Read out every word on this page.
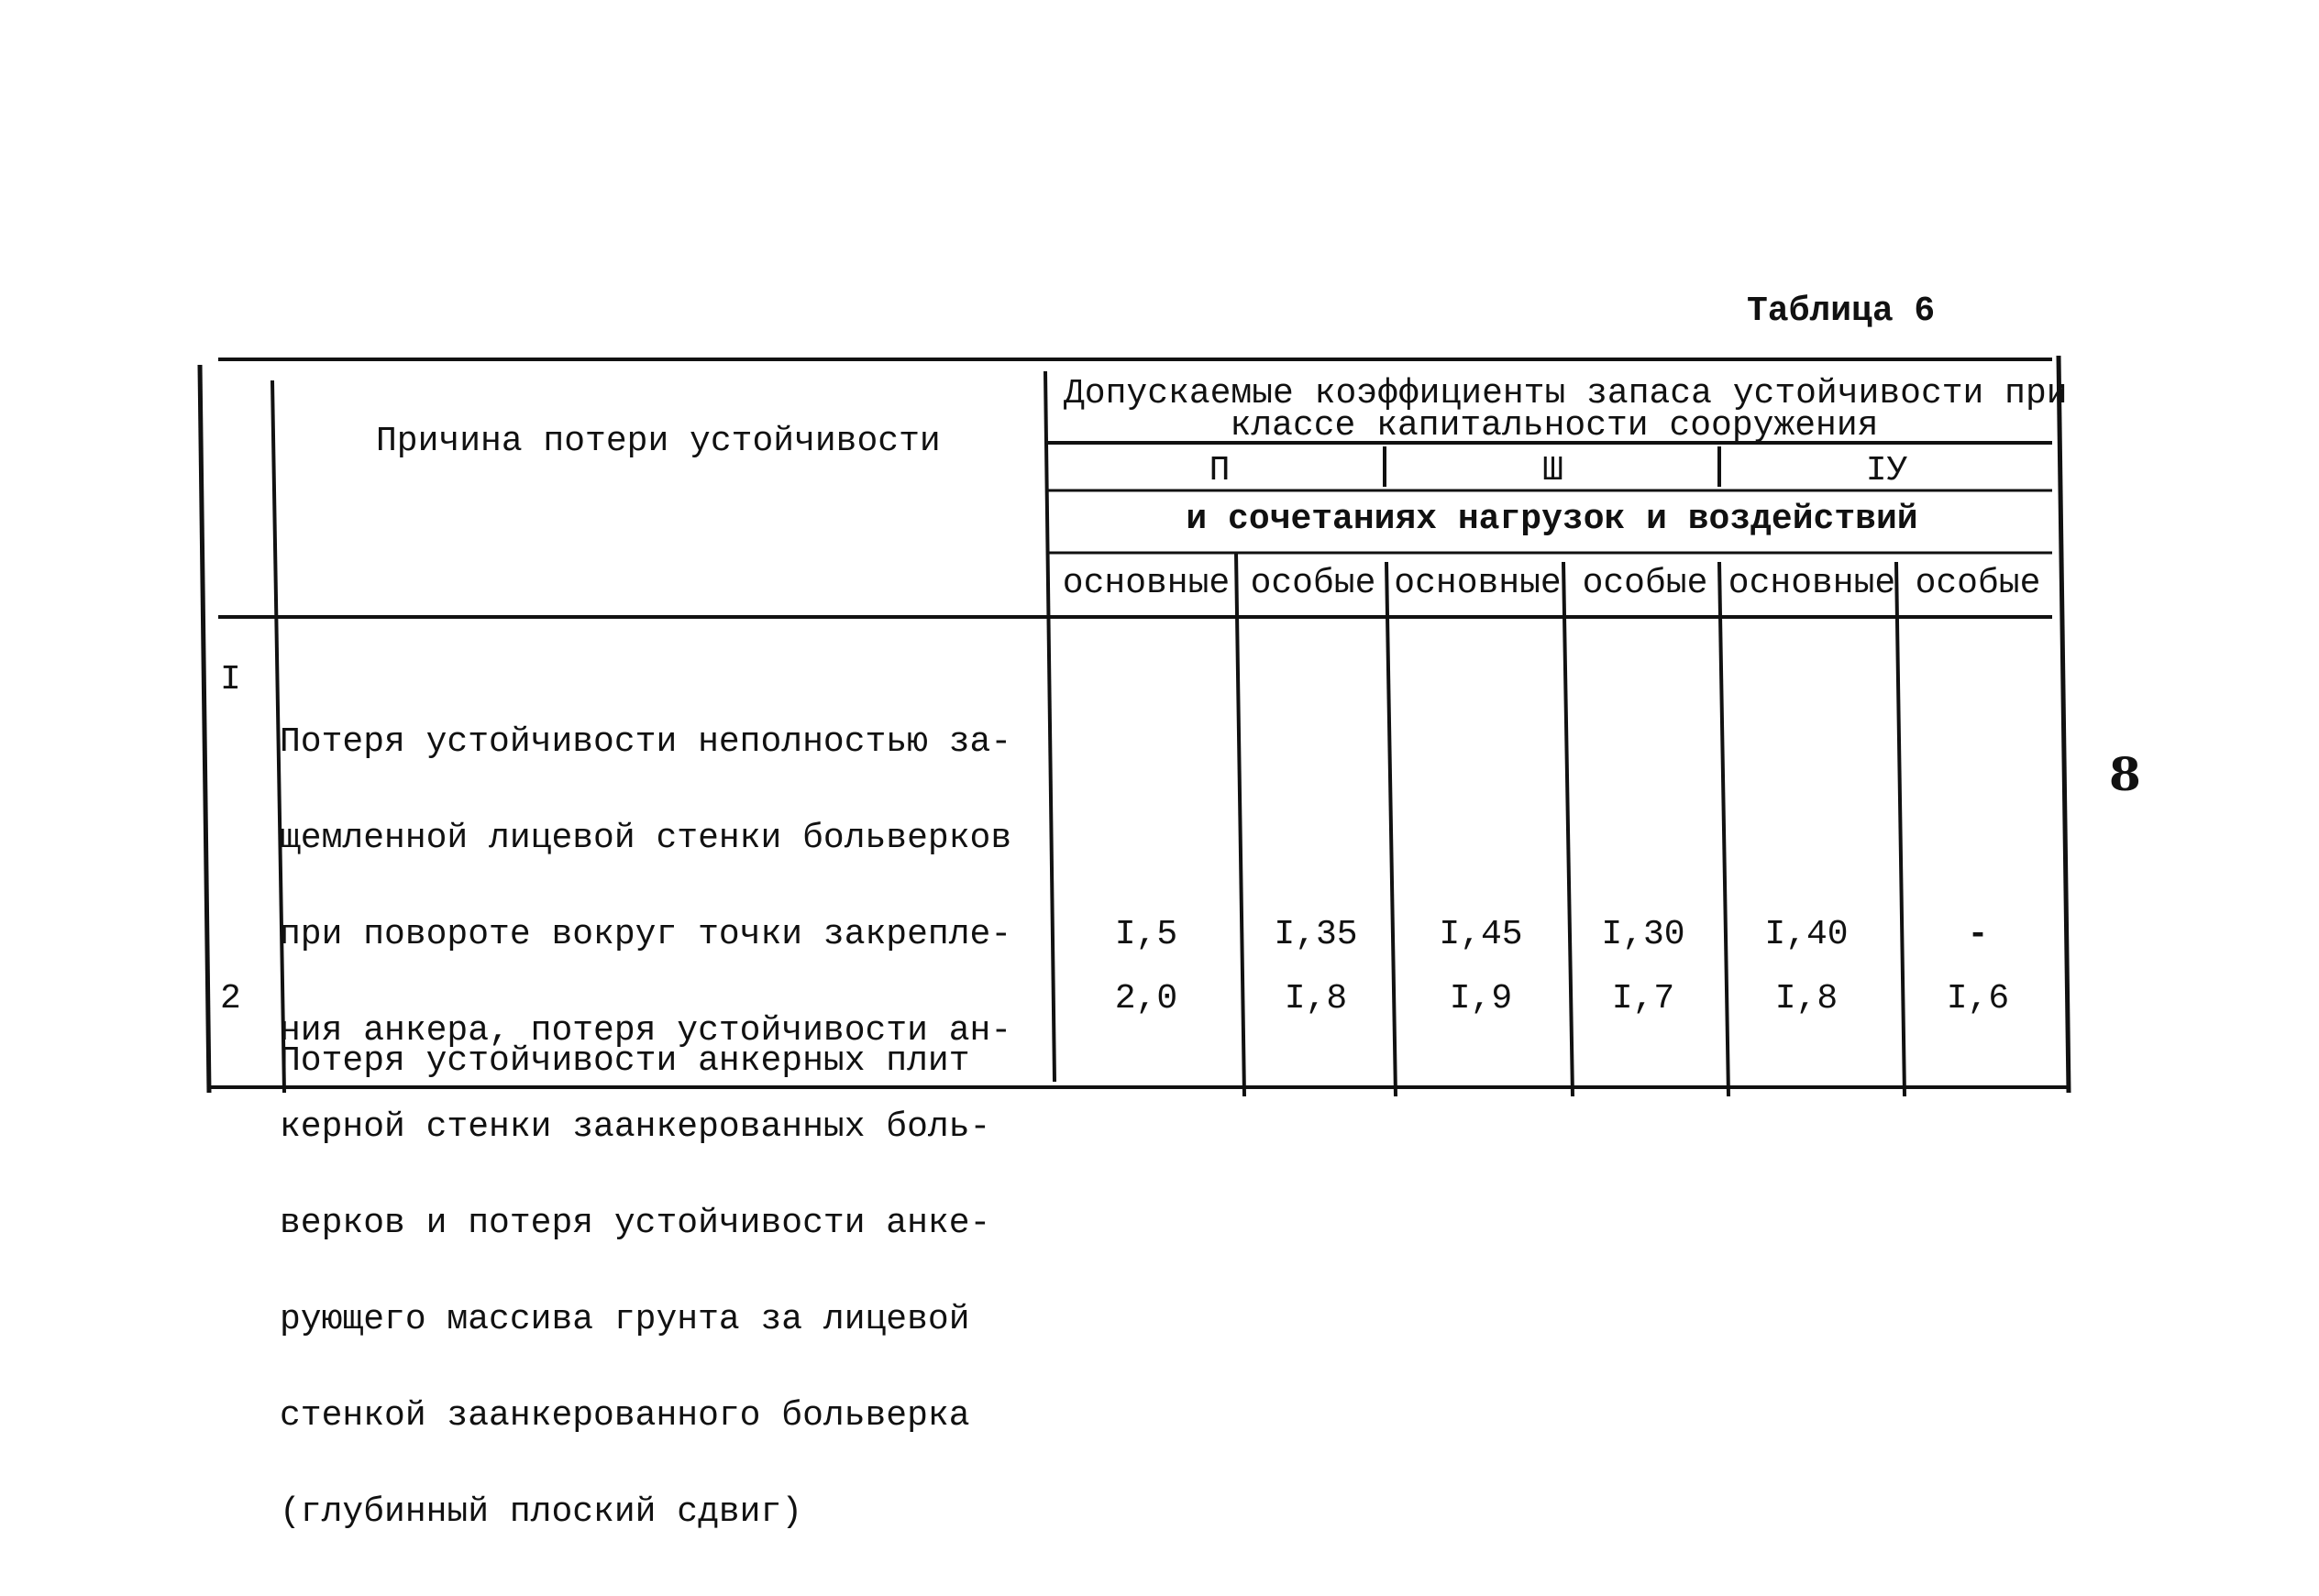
Таблица 6
8
Причина потери устойчивости
Допускаемые коэффициенты запаса устойчивости при
классе капитальности сооружения
П	Ш	IУ
и сочетаниях нагрузок и воздействий
основные особые основные особые основные особые
I

Потеря устойчивости неполностью за-

щемленной лицевой стенки больверков

при повороте вокруг точки закрепле-

ния анкера, потеря устойчивости ан-

керной стенки заанкерованных боль-

верков и потеря устойчивости анке-

рующего массива грунта за лицевой

стенкой заанкерованного больверка

(глубинный плоский сдвиг)

I,5	I,35	I,45	I,30	I,40	-
2

Потеря устойчивости анкерных плит

2,0	I,8	I,9	I,7	I,8	I,6
